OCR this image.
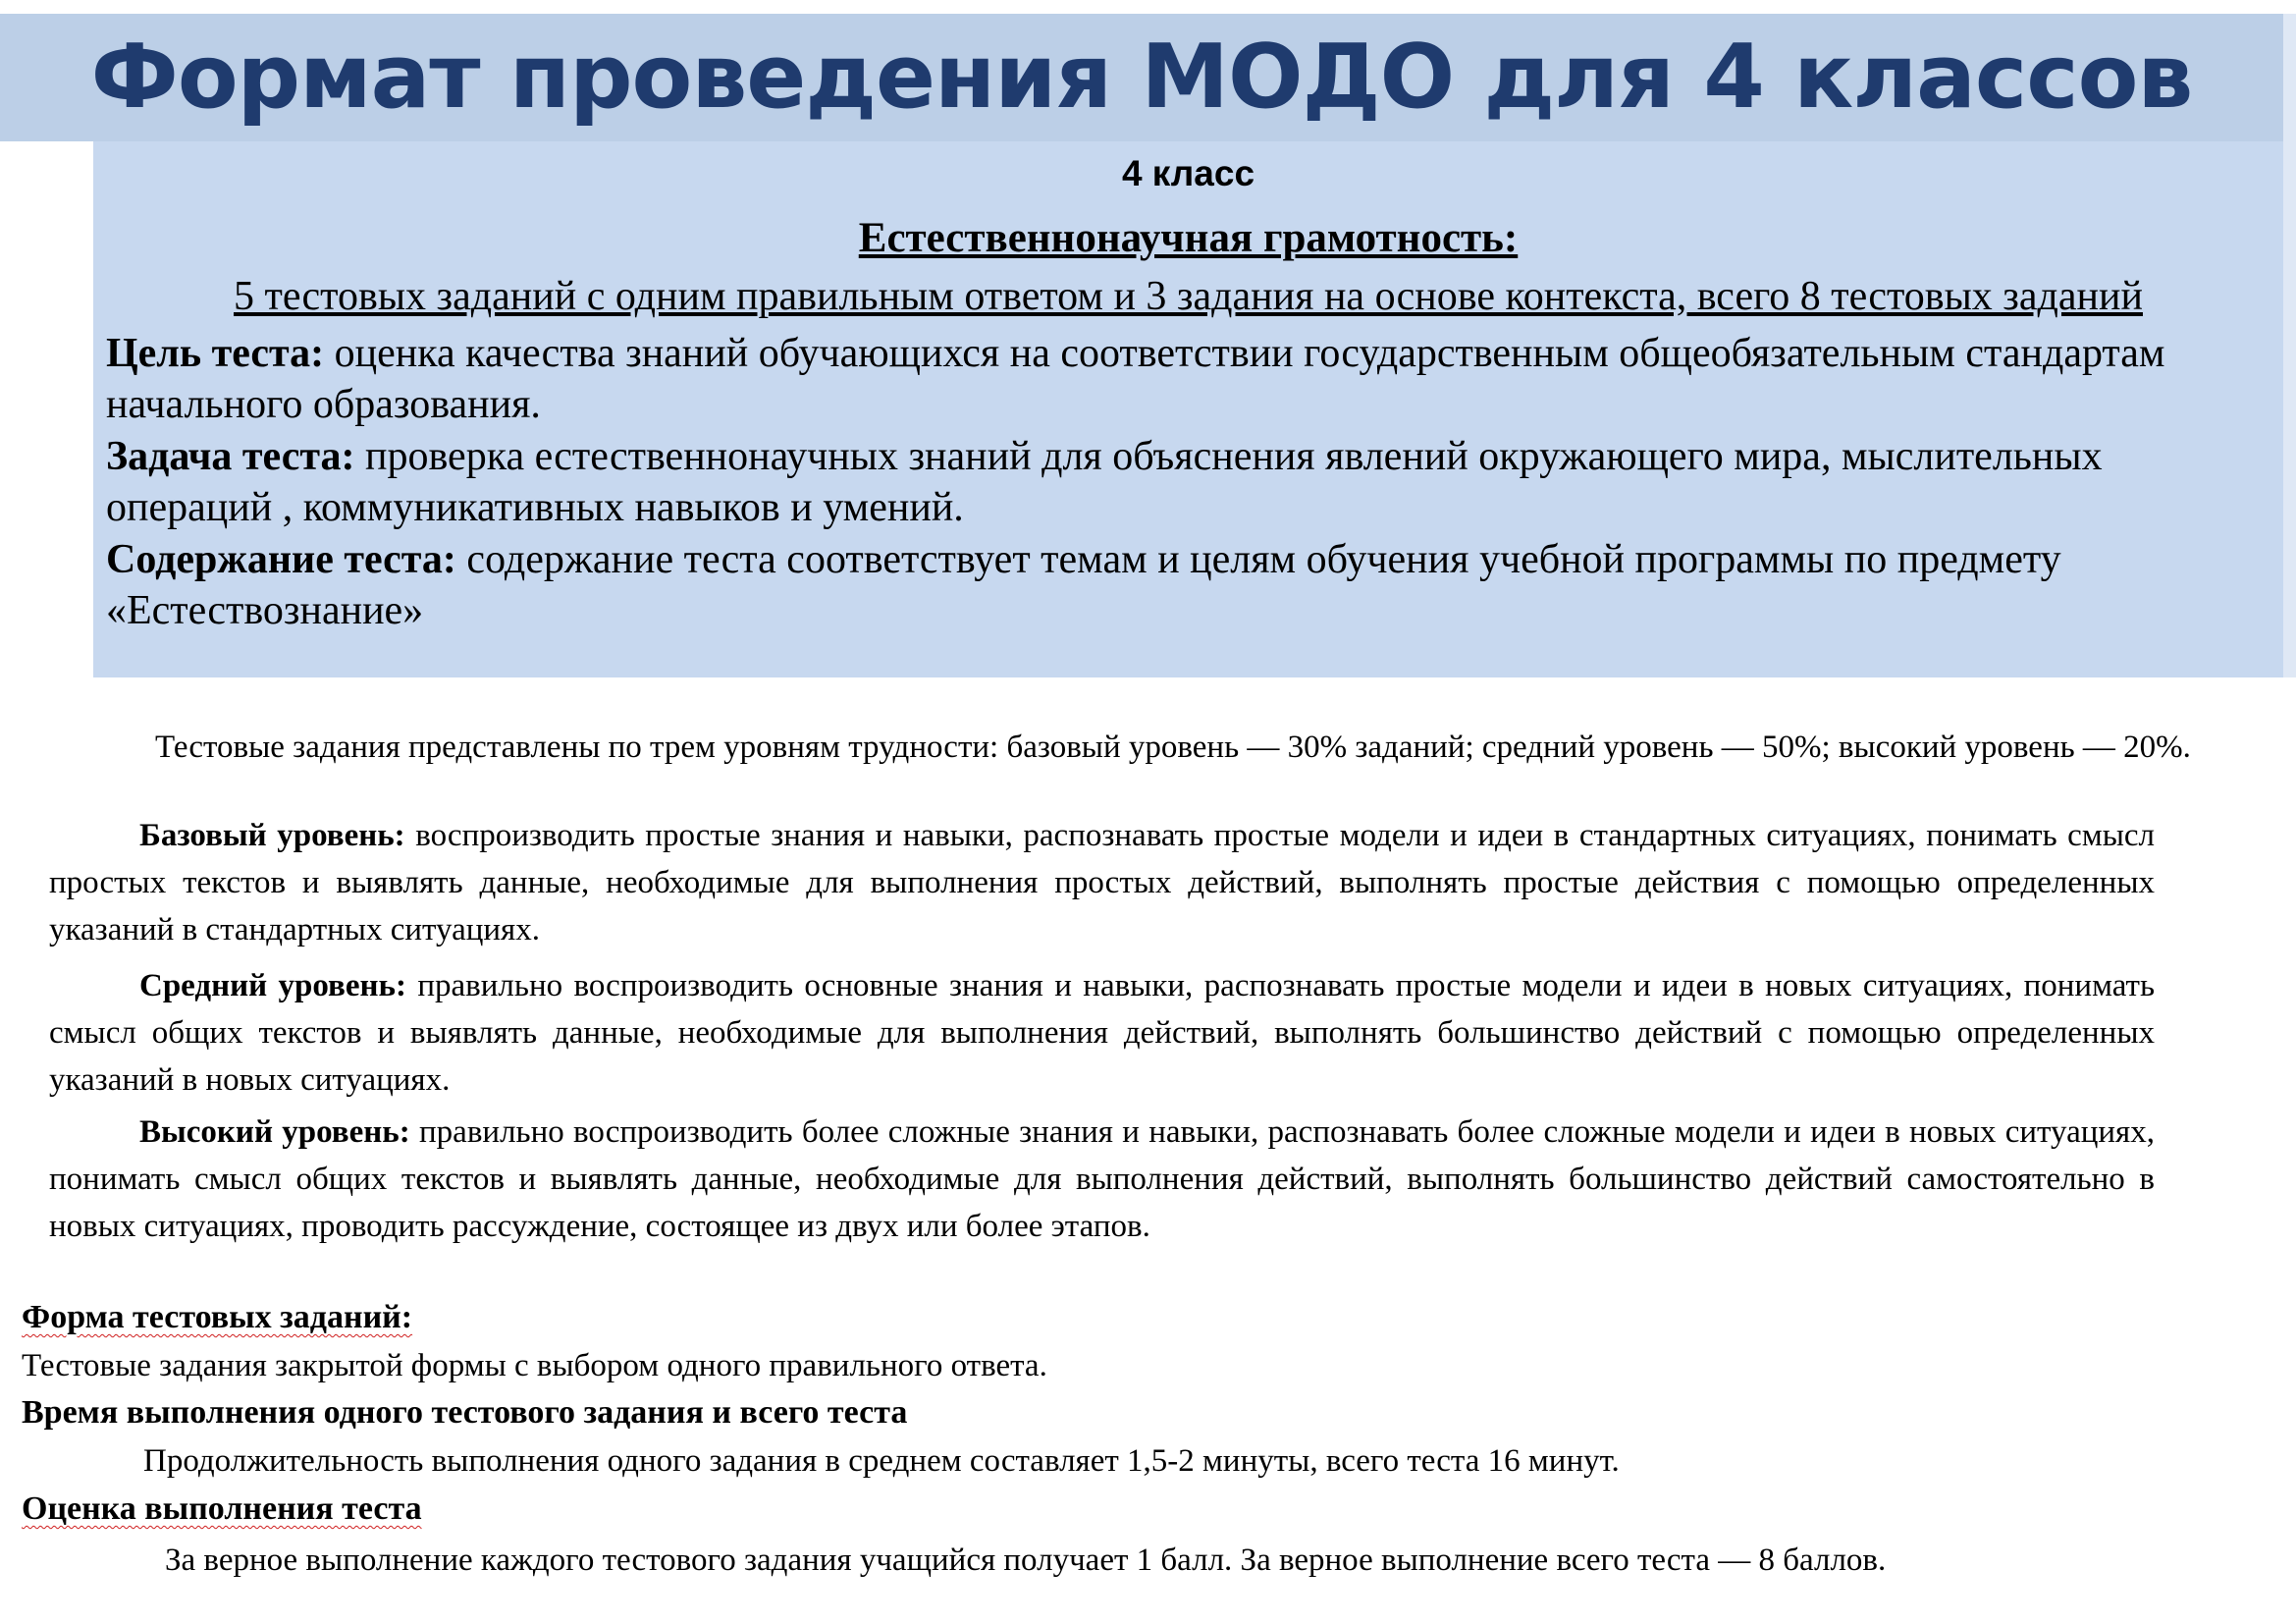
Формат проведения МОДО для 4 классов
4 класс
Естественнонаучная грамотность:
5 тестовых заданий с одним правильным ответом и 3 задания на основе контекста, всего 8 тестовых заданий
Цель теста: оценка качества знаний обучающихся на соответствии государственным общеобязательным стандартам начального образования.
Задача теста: проверка естественнонаучных знаний для объяснения явлений окружающего мира, мыслительных операций , коммуникативных навыков и умений.
Содержание теста: содержание теста соответствует темам и целям обучения учебной программы по предмету «Естествознание»
Тестовые задания представлены по трем уровням трудности: базовый уровень — 30% заданий; средний уровень — 50%; высокий уровень — 20%.
Базовый уровень: воспроизводить простые знания и навыки, распознавать простые модели и идеи в стандартных ситуациях, понимать смысл простых текстов и выявлять данные, необходимые для выполнения простых действий, выполнять простые действия с помощью определенных указаний в стандартных ситуациях.
Средний уровень: правильно воспроизводить основные знания и навыки, распознавать простые модели и идеи в новых ситуациях, понимать смысл общих текстов и выявлять данные, необходимые для выполнения действий, выполнять большинство действий с помощью определенных указаний в новых ситуациях.
Высокий уровень: правильно воспроизводить более сложные знания и навыки, распознавать более сложные модели и идеи в новых ситуациях, понимать смысл общих текстов и выявлять данные, необходимые для выполнения действий, выполнять большинство действий самостоятельно в новых ситуациях, проводить рассуждение, состоящее из двух или более этапов.
Форма тестовых заданий:
Тестовые задания закрытой формы с выбором одного правильного ответа.
Время выполнения одного тестового задания и всего теста
Продолжительность выполнения одного задания в среднем составляет 1,5-2 минуты, всего теста 16 минут.
Оценка выполнения теста
За верное выполнение каждого тестового задания учащийся получает 1 балл. За верное выполнение всего теста — 8 баллов.
